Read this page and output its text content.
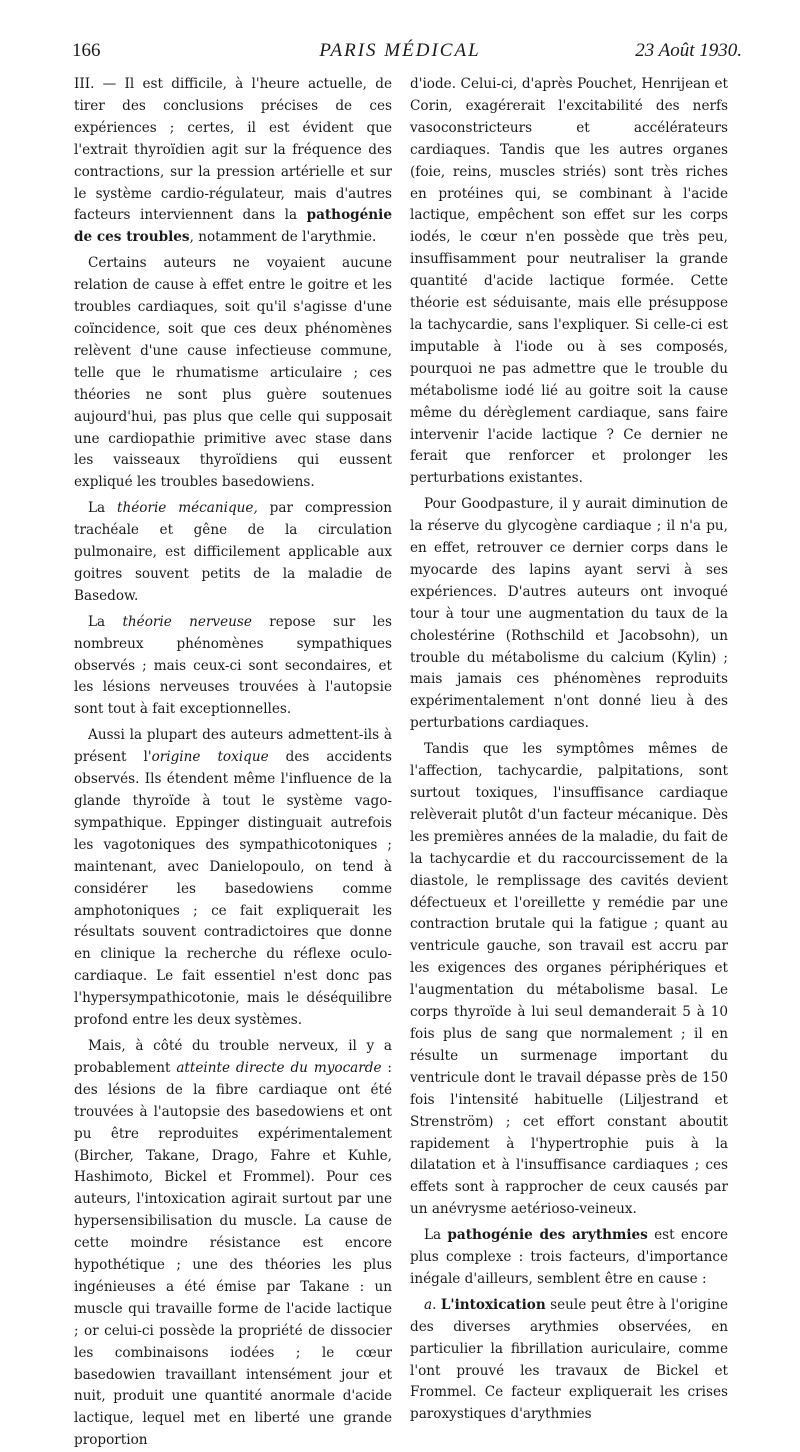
166	PARIS MÉDICAL	23 Août 1930.

III. — Il est difficile, à l'heure actuelle, de tirer des conclusions précises de ces expériences ; certes, il est évident que l'extrait thyroïdien agit sur la fréquence des contractions, sur la pression artérielle et sur le système cardio-régulateur, mais d'autres facteurs interviennent dans la pathogénie de ces troubles, notamment de l'arythmie.

Certains auteurs ne voyaient aucune relation de cause à effet entre le goitre et les troubles cardiaques, soit qu'il s'agisse d'une coïncidence, soit que ces deux phénomènes relèvent d'une cause infectieuse commune, telle que le rhumatisme articulaire ; ces théories ne sont plus guère soutenues aujourd'hui, pas plus que celle qui supposait une cardiopathie primitive avec stase dans les vaisseaux thyroïdiens qui eussent expliqué les troubles basedowiens.

La théorie mécanique, par compression trachéale et gêne de la circulation pulmonaire, est difficilement applicable aux goitres souvent petits de la maladie de Basedow.

La théorie nerveuse repose sur les nombreux phénomènes sympathiques observés ; mais ceux-ci sont secondaires, et les lésions nerveuses trouvées à l'autopsie sont tout à fait exceptionnelles.

Aussi la plupart des auteurs admettent-ils à présent l'origine toxique des accidents observés. Ils étendent même l'influence de la glande thyroïde à tout le système vago-sympathique. Eppinger distinguait autrefois les vagotoniques des sympathicotoniques ; maintenant, avec Danielopoulo, on tend à considérer les basedowiens comme amphotoniques ; ce fait expliquerait les résultats souvent contradictoires que donne en clinique la recherche du réflexe oculo-cardiaque. Le fait essentiel n'est donc pas l'hypersympathicotonie, mais le déséquilibre profond entre les deux systèmes.

Mais, à côté du trouble nerveux, il y a probablement atteinte directe du myocarde : des lésions de la fibre cardiaque ont été trouvées à l'autopsie des basedowiens et ont pu être reproduites expérimentalement (Bircher, Takane, Drago, Fahre et Kuhle, Hashimoto, Bickel et Frommel). Pour ces auteurs, l'intoxication agirait surtout par une hypersensibilisation du muscle. La cause de cette moindre résistance est encore hypothétique ; une des théories les plus ingénieuses a été émise par Takane : un muscle qui travaille forme de l'acide lactique ; or celui-ci possède la propriété de dissocier les combinaisons iodées ; le cœur basedowien travaillant intensément jour et nuit, produit une quantité anormale d'acide lactique, lequel met en liberté une grande proportion

d'iode. Celui-ci, d'après Pouchet, Henrijean et Corin, exagérerait l'excitabilité des nerfs vasoconstricteurs et accélérateurs cardiaques. Tandis que les autres organes (foie, reins, muscles striés) sont très riches en protéines qui, se combinant à l'acide lactique, empêchent son effet sur les corps iodés, le cœur n'en possède que très peu, insuffisamment pour neutraliser la grande quantité d'acide lactique formée. Cette théorie est séduisante, mais elle présuppose la tachycardie, sans l'expliquer. Si celle-ci est imputable à l'iode ou à ses composés, pourquoi ne pas admettre que le trouble du métabolisme iodé lié au goitre soit la cause même du dérèglement cardiaque, sans faire intervenir l'acide lactique ? Ce dernier ne ferait que renforcer et prolonger les perturbations existantes.

Pour Goodpasture, il y aurait diminution de la réserve du glycogène cardiaque ; il n'a pu, en effet, retrouver ce dernier corps dans le myocarde des lapins ayant servi à ses expériences. D'autres auteurs ont invoqué tour à tour une augmentation du taux de la cholestérine (Rothschild et Jacobsohn), un trouble du métabolisme du calcium (Kylin) ; mais jamais ces phénomènes reproduits expérimentalement n'ont donné lieu à des perturbations cardiaques.

Tandis que les symptômes mêmes de l'affection, tachycardie, palpitations, sont surtout toxiques, l'insuffisance cardiaque relèverait plutôt d'un facteur mécanique. Dès les premières années de la maladie, du fait de la tachycardie et du raccourcissement de la diastole, le remplissage des cavités devient défectueux et l'oreillette y remédie par une contraction brutale qui la fatigue ; quant au ventricule gauche, son travail est accru par les exigences des organes périphériques et l'augmentation du métabolisme basal. Le corps thyroïde à lui seul demanderait 5 à 10 fois plus de sang que normalement ; il en résulte un surmenage important du ventricule dont le travail dépasse près de 150 fois l'intensité habituelle (Liljestrand et Strenström) ; cet effort constant aboutit rapidement à l'hypertrophie puis à la dilatation et à l'insuffisance cardiaques ; ces effets sont à rapprocher de ceux causés par un anévrysme aetérioso-veineux.

La pathogénie des arythmies est encore plus complexe : trois facteurs, d'importance inégale d'ailleurs, semblent être en cause :

a. L'intoxication seule peut être à l'origine des diverses arythmies observées, en particulier la fibrillation auriculaire, comme l'ont prouvé les travaux de Bickel et Frommel. Ce facteur expliquerait les crises paroxystiques d'arythmies
